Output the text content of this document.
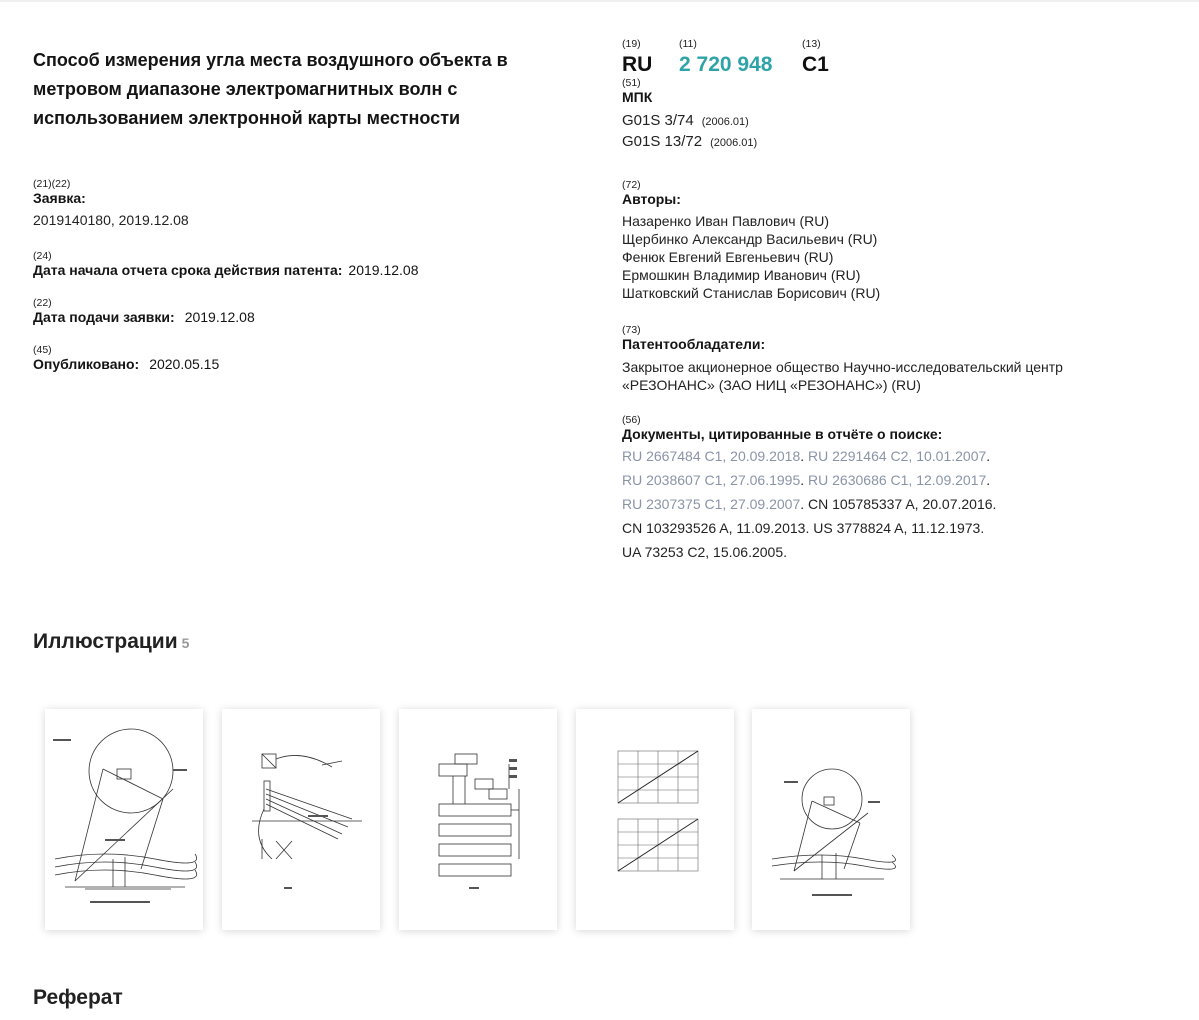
Способ измерения угла места воздушного объекта в метровом диапазоне электромагнитных волн с использованием электронной карты местности
(21)(22)
Заявка:
2019140180, 2019.12.08
(24)
Дата начала отчета срока действия патента: 2019.12.08
(22)
Дата подачи заявки: 2019.12.08
(45)
Опубликовано: 2020.05.15
(19)
RU
(11)
2 720 948
(13)
C1
(51)
МПК
G01S 3/74 (2006.01)
G01S 13/72 (2006.01)
(72)
Авторы:
Назаренко Иван Павлович (RU)
Щербинко Александр Васильевич (RU)
Фенюк Евгений Евгеньевич (RU)
Ермошкин Владимир Иванович (RU)
Шатковский Станислав Борисович (RU)
(73)
Патентообладатели:
Закрытое акционерное общество Научно-исследовательский центр
«РЕЗОНАНС» (ЗАО НИЦ «РЕЗОНАНС») (RU)
(56)
Документы, цитированные в отчёте о поиске:
RU 2667484 C1, 20.09.2018. RU 2291464 C2, 10.01.2007.
RU 2038607 C1, 27.06.1995. RU 2630686 C1, 12.09.2017.
RU 2307375 C1, 27.09.2007. CN 105785337 A, 20.07.2016.
CN 103293526 A, 11.09.2013. US 3778824 A, 11.12.1973.
UA 73253 C2, 15.06.2005.
Иллюстрации 5
Реферат
